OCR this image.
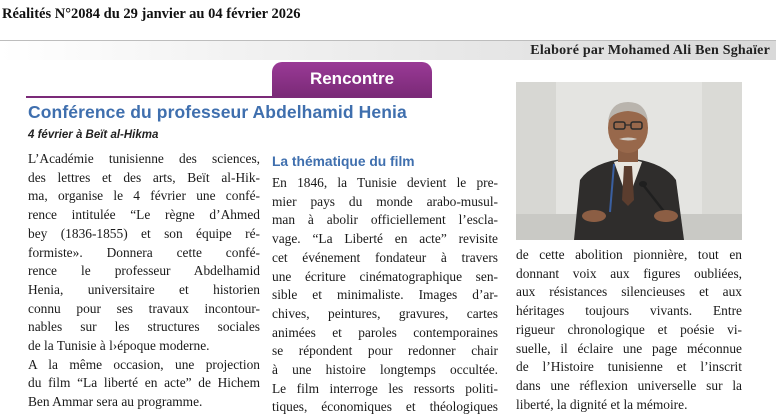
Réalités N°2084 du 29 janvier au 04 février 2026
Elaboré par Mohamed Ali Ben Sghaïer
Rencontre
Conférence du professeur Abdelhamid Henia
4 février à Beït al-Hikma
L’Académie tunisienne des sciences,
des lettres et des arts, Beït al-Hik-
ma, organise le 4 février une confé-
rence intitulée “Le règne d’Ahmed
bey (1836-1855) et son équipe ré-
formiste». Donnera cette confé-
rence le professeur Abdelhamid
Henia, universitaire et historien
connu pour ses travaux incontour-
nables sur les structures sociales
de la Tunisie à l›époque moderne.
A la même occasion, une projection
du film “La liberté en acte” de Hichem
Ben Ammar sera au programme.
La thématique du film
En 1846, la Tunisie devient le pre-
mier pays du monde arabo-musul-
man à abolir officiellement l’escla-
vage. “La Liberté en acte” revisite
cet événement fondateur à travers
une écriture cinématographique sen-
sible et minimaliste. Images d’ar-
chives, peintures, gravures, cartes
animées et paroles contemporaines
se répondent pour redonner chair
à une histoire longtemps occultée.
Le film interroge les ressorts politi-
tiques, économiques et théologiques
de cette abolition pionnière, tout en
donnant voix aux figures oubliées,
aux résistances silencieuses et aux
héritages toujours vivants. Entre
rigueur chronologique et poésie vi-
suelle, il éclaire une page méconnue
de l’Histoire tunisienne et l’inscrit
dans une réflexion universelle sur la
liberté, la dignité et la mémoire.
